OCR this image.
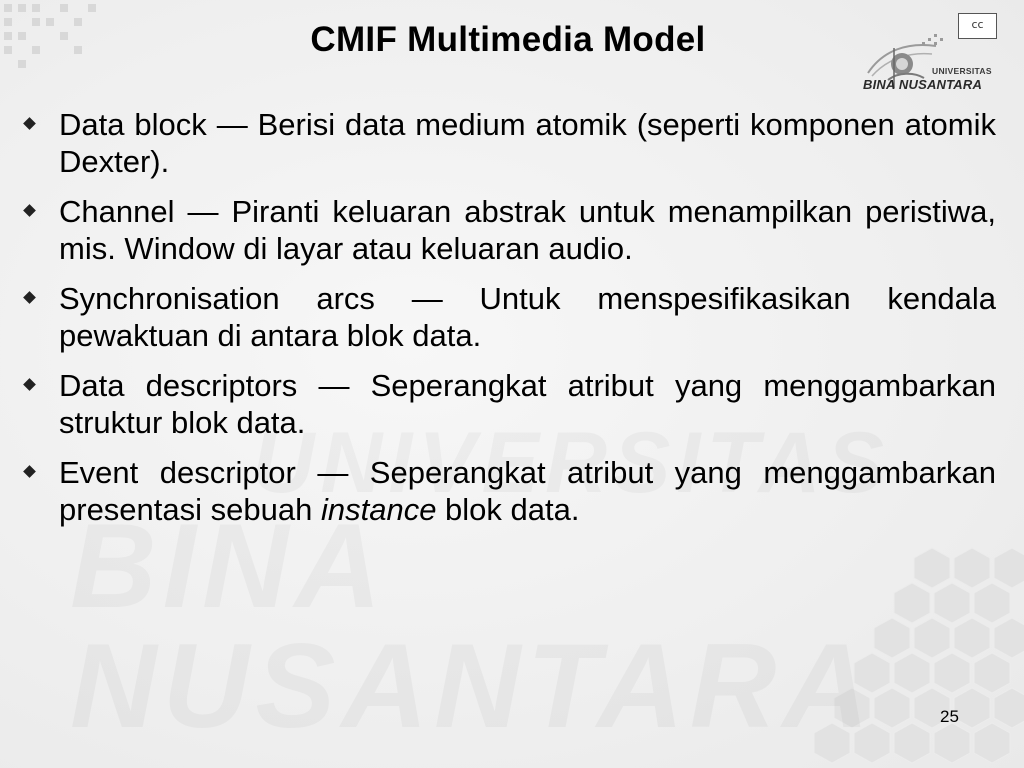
CMIF Multimedia Model	cc
UNIVERSITAS
BINA NUSANTARA
Data block — Berisi data medium atomik (seperti komponen atomik Dexter).
Channel — Piranti keluaran abstrak untuk menampilkan peristiwa, mis. Window di layar atau keluaran audio.
Synchronisation arcs — Untuk menspesifikasikan kendala pewaktuan di antara blok data.
Data descriptors — Seperangkat atribut yang menggambarkan struktur blok data.
Event descriptor — Seperangkat atribut yang menggambarkan presentasi sebuah instance blok data.
25
